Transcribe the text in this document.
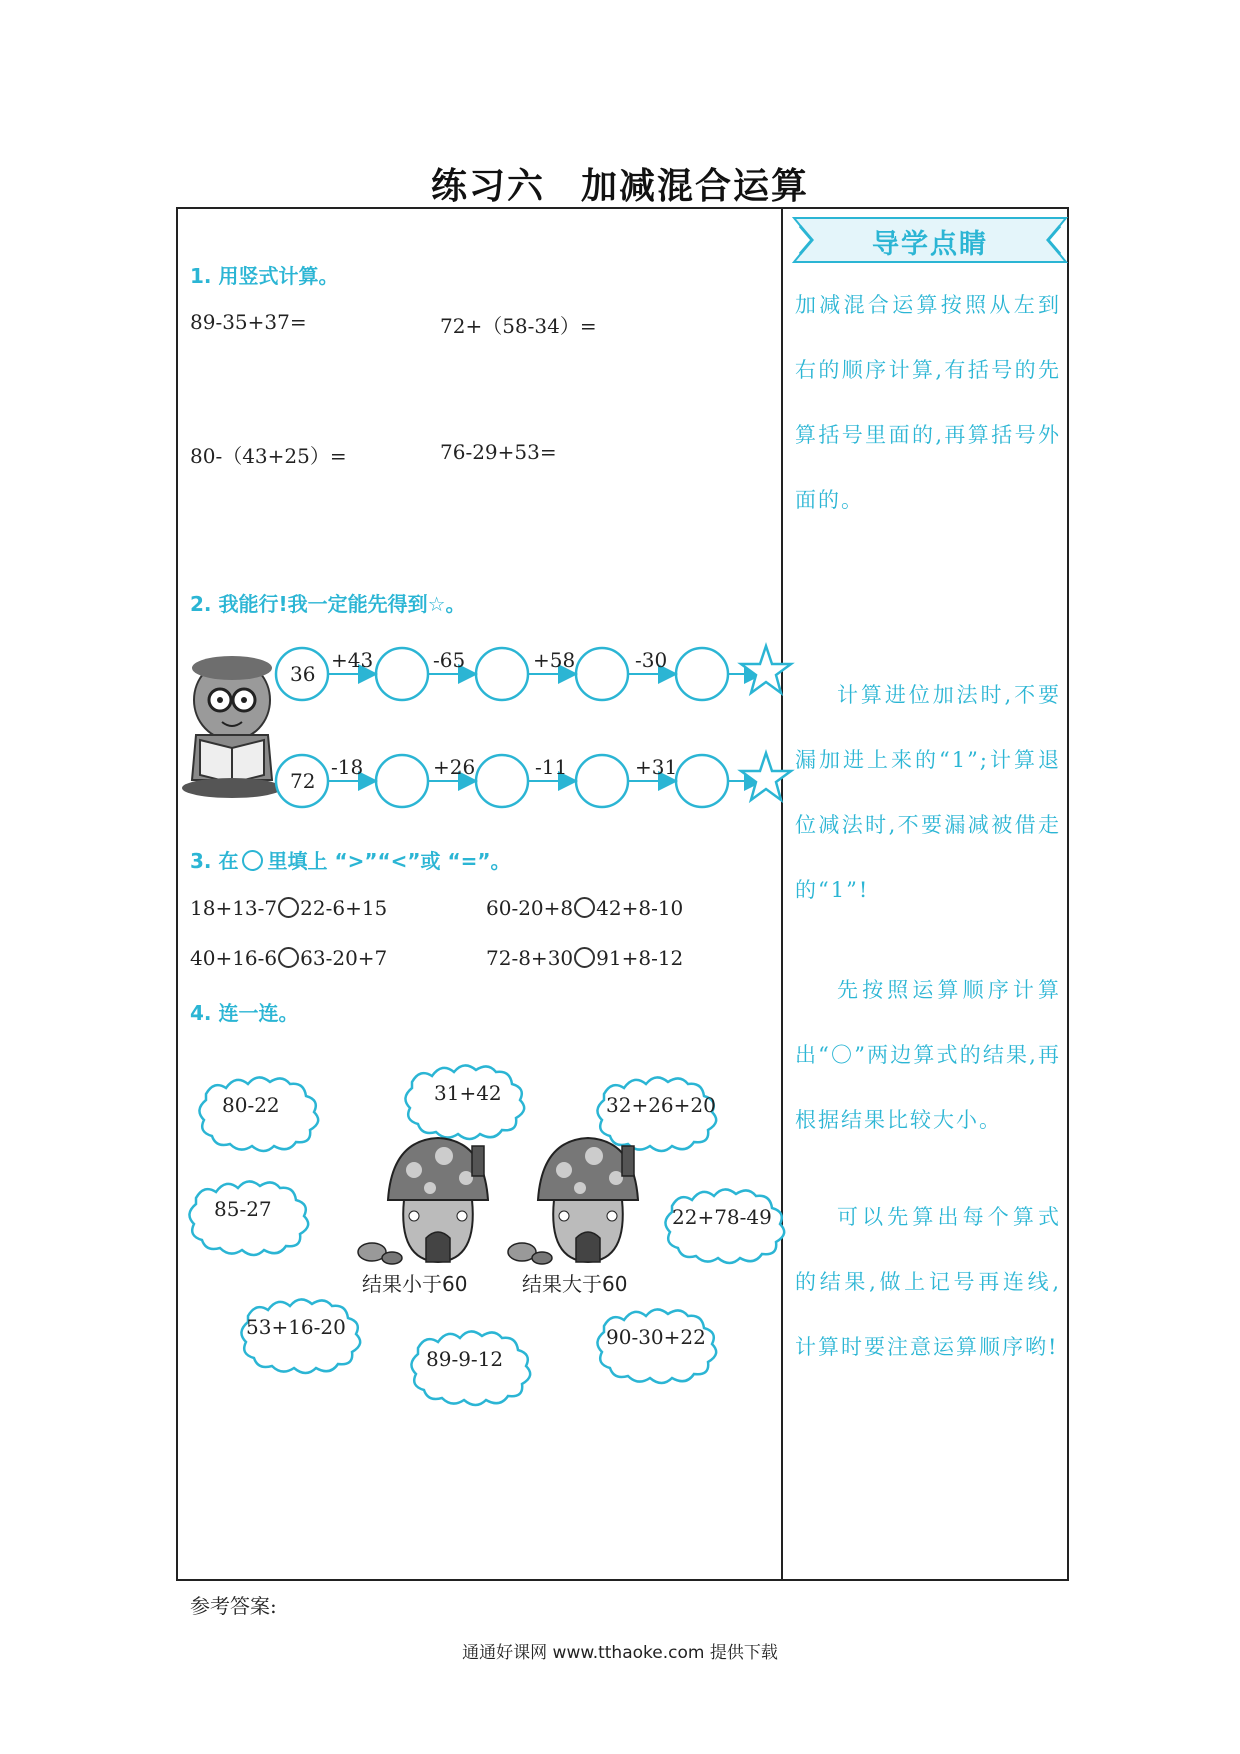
练习六 加减混合运算
1. 用竖式计算。
89-35+37=	72+（58-34）=
80-（43+25）=	76-29+53=
2. 我能行!我一定能先得到☆。
36
+43	-65	+58	-30
72
-18	+26	-11	+31
3. 在 里填上 “>”“<”或 “=”。
18+13-7 22-6+15	60-20+8 42+8-10
40+16-6 63-20+7	72-8+30 91+8-12
4. 连一连。
80-22	31+42	32+26+20
85-27	22+78-49
53+16-20
89-9-12
90-30+22
结果小于60	结果大于60
导学点睛
加减混合运算按照从左到右的顺序计算,有括号的先算括号里面的,再算括号外面的。
计算进位加法时,不要漏加进上来的“1”;计算退位减法时,不要漏减被借走的“1”!
先按照运算顺序计算出“〇”两边算式的结果,再根据结果比较大小。
可以先算出每个算式的结果,做上记号再连线,计算时要注意运算顺序哟!
参考答案:
通通好课网 www.tthaoke.com 提供下载
